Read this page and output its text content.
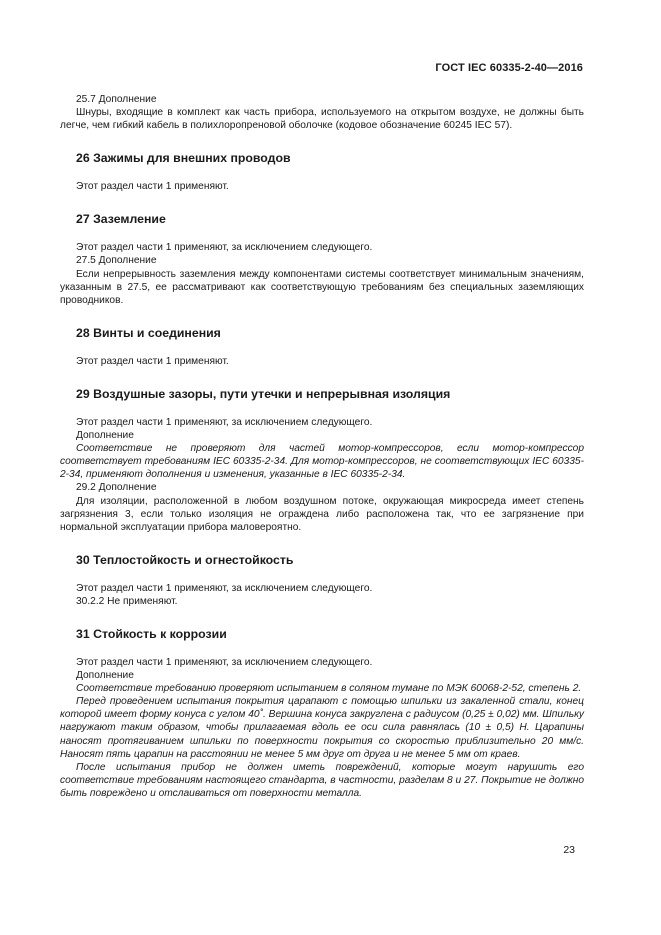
ГОСТ IEC 60335-2-40—2016

25.7 Дополнение

Шнуры, входящие в комплект как часть прибора, используемого на открытом воздухе, не должны быть легче, чем гибкий кабель в полихлоропреновой оболочке (кодовое обозначение 60245 IEC 57).

26 Зажимы для внешних проводов

Этот раздел части 1 применяют.

27 Заземление

Этот раздел части 1 применяют, за исключением следующего.

27.5 Дополнение

Если непрерывность заземления между компонентами системы соответствует минимальным значениям, указанным в 27.5, ее рассматривают как соответствующую требованиям без специальных заземляющих проводников.

28 Винты и соединения

Этот раздел части 1 применяют.

29 Воздушные зазоры, пути утечки и непрерывная изоляция

Этот раздел части 1 применяют, за исключением следующего.

Дополнение

Соответствие не проверяют для частей мотор-компрессоров, если мотор-компрессор соответствует требованиям IEC 60335-2-34. Для мотор-компрессоров, не соответствующих IEC 60335-2-34, применяют дополнения и изменения, указанные в IEC 60335-2-34.

29.2 Дополнение

Для изоляции, расположенной в любом воздушном потоке, окружающая микросреда имеет степень загрязнения 3, если только изоляция не ограждена либо расположена так, что ее загрязнение при нормальной эксплуатации прибора маловероятно.

30 Теплостойкость и огнестойкость

Этот раздел части 1 применяют, за исключением следующего.

30.2.2 Не применяют.

31 Стойкость к коррозии

Этот раздел части 1 применяют, за исключением следующего.

Дополнение

Соответствие требованию проверяют испытанием в соляном тумане по МЭК 60068-2-52, степень 2.

Перед проведением испытания покрытия царапают с помощью шпильки из закаленной стали, конец которой имеет форму конуса с углом 40˚. Вершина конуса закруглена с радиусом (0,25 ± 0,02) мм. Шпильку нагружают таким образом, чтобы прилагаемая вдоль ее оси сила равнялась (10 ± 0,5) Н. Царапины наносят протягиванием шпильки по поверхности покрытия со скоростью приблизительно 20 мм/с. Наносят пять царапин на расстоянии не менее 5 мм друг от друга и не менее 5 мм от краев.

После испытания прибор не должен иметь повреждений, которые могут нарушить его соответствие требованиям настоящего стандарта, в частности, разделам 8 и 27. Покрытие не должно быть повреждено и отслаиваться от поверхности металла.

23
